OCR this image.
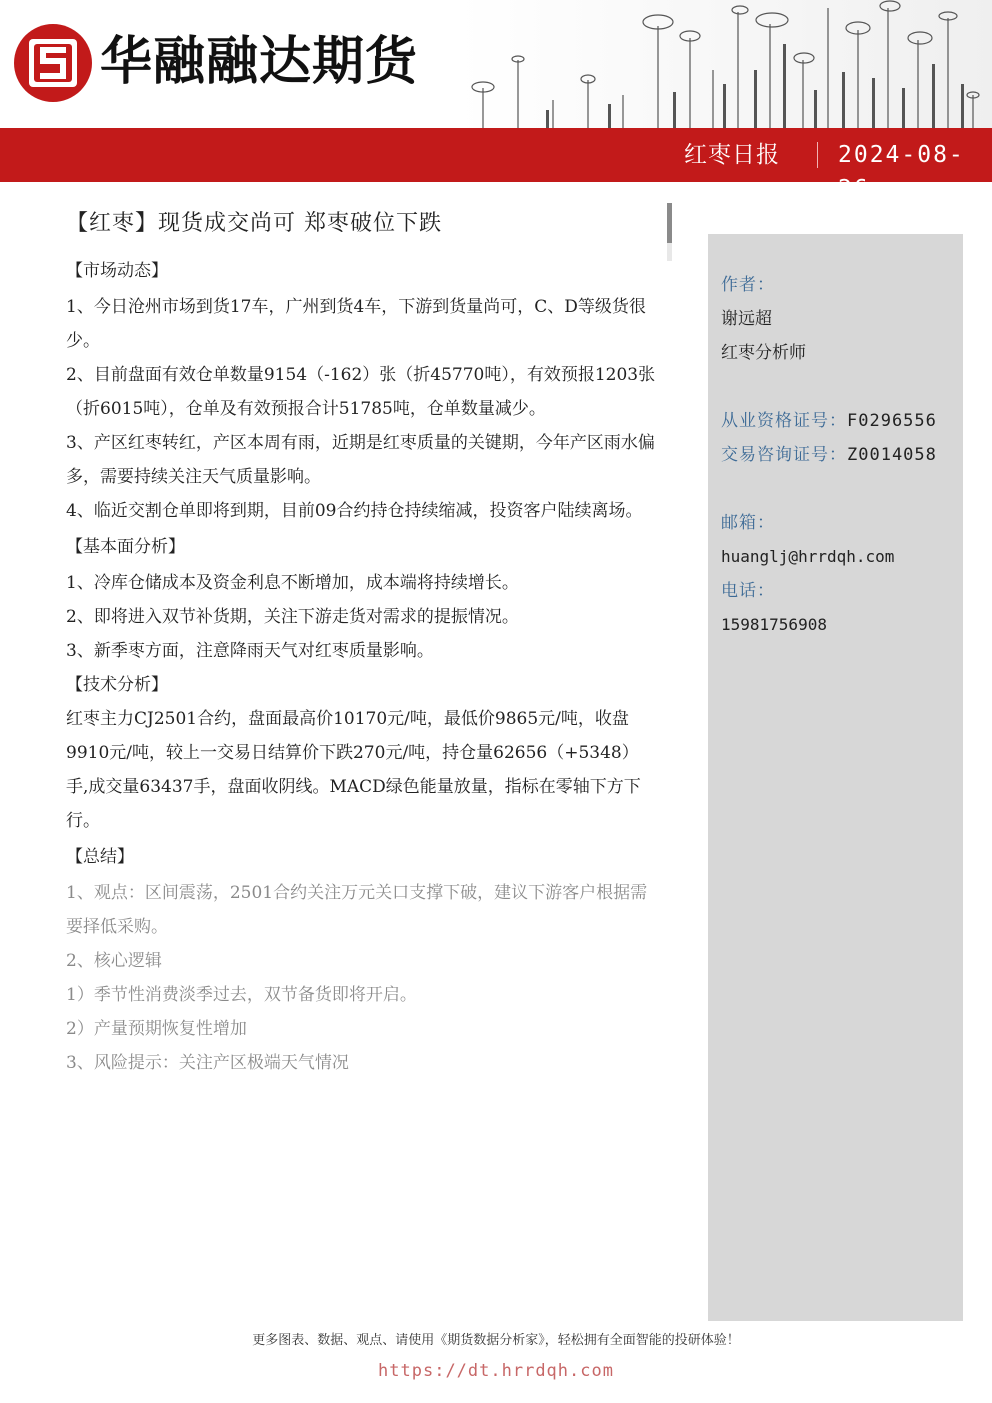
华融融达期货
红枣日报	2024-08-26
【红枣】现货成交尚可 郑枣破位下跌
【市场动态】
1、今日沧州市场到货17车，广州到货4车，下游到货量尚可，C、D等级货很少。
2、目前盘面有效仓单数量9154（-162）张（折45770吨），有效预报1203张（折6015吨），仓单及有效预报合计51785吨，仓单数量减少。
3、产区红枣转红，产区本周有雨，近期是红枣质量的关键期，今年产区雨水偏多，需要持续关注天气质量影响。
4、临近交割仓单即将到期，目前09合约持仓持续缩减，投资客户陆续离场。
【基本面分析】
1、冷库仓储成本及资金利息不断增加，成本端将持续增长。
2、即将进入双节补货期，关注下游走货对需求的提振情况。
3、新季枣方面，注意降雨天气对红枣质量影响。
【技术分析】
红枣主力CJ2501合约，盘面最高价10170元/吨，最低价9865元/吨，收盘9910元/吨，较上一交易日结算价下跌270元/吨，持仓量62656（+5348）手,成交量63437手，盘面收阴线。MACD绿色能量放量，指标在零轴下方下行。
【总结】
1、观点：区间震荡，2501合约关注万元关口支撑下破，建议下游客户根据需要择低采购。
2、核心逻辑
1）季节性消费淡季过去，双节备货即将开启。
2）产量预期恢复性增加
3、风险提示：关注产区极端天气情况
作者：
谢远超
红枣分析师
从业资格证号：F0296556
交易咨询证号：Z0014058
邮箱：
huanglj@hrrdqh.com
电话：
15981756908
更多图表、数据、观点、请使用《期货数据分析家》，轻松拥有全面智能的投研体验！
https://dt.hrrdqh.com
